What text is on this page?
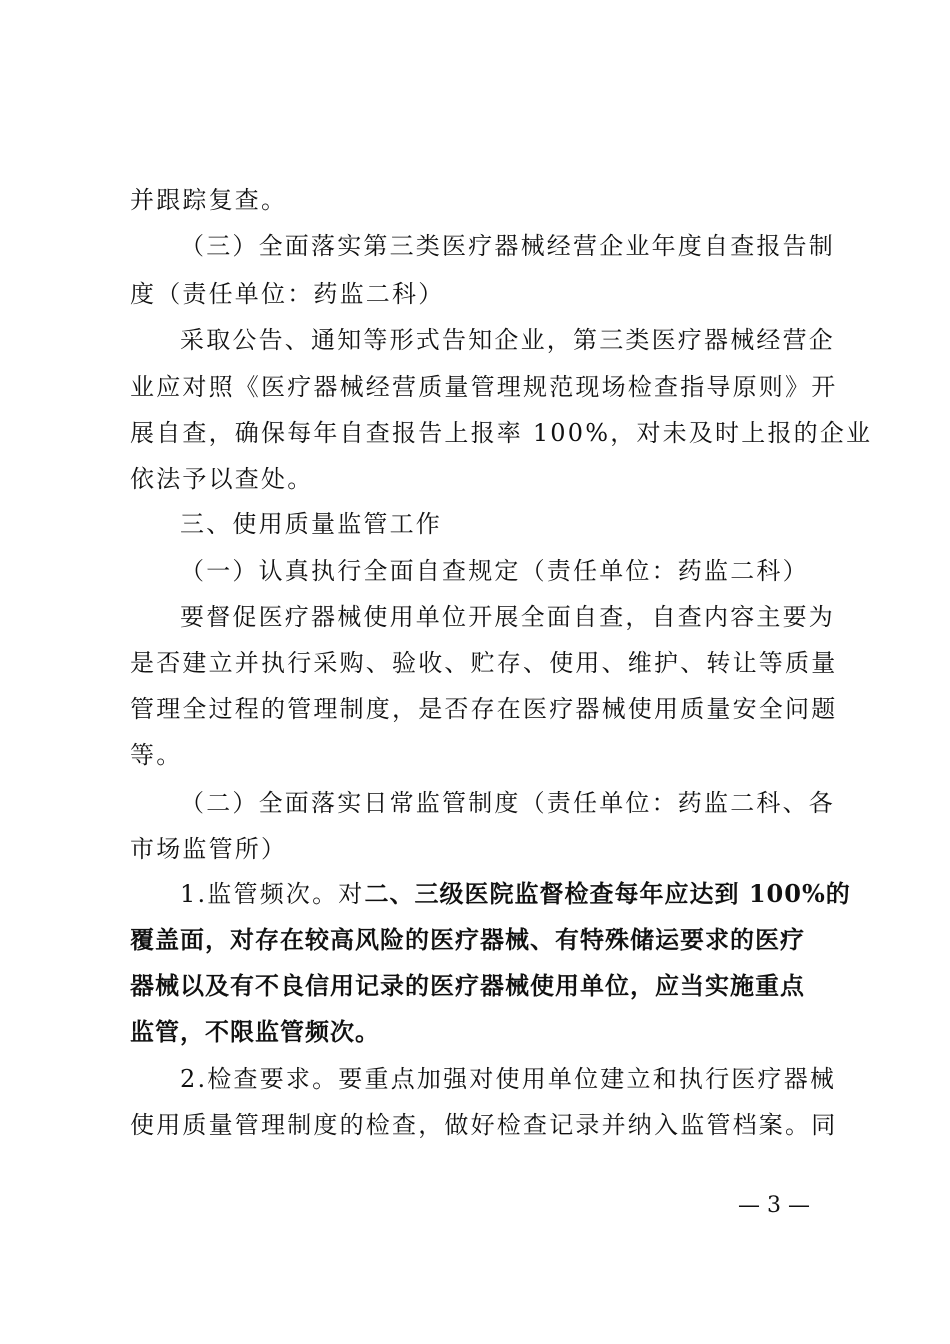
并跟踪复查。
（三）全面落实第三类医疗器械经营企业年度自查报告制
度（责任单位：药监二科）
采取公告、通知等形式告知企业，第三类医疗器械经营企
业应对照《医疗器械经营质量管理规范现场检查指导原则》开
展自查，确保每年自查报告上报率 100%，对未及时上报的企业
依法予以查处。
三、使用质量监管工作
（一）认真执行全面自查规定（责任单位：药监二科）
要督促医疗器械使用单位开展全面自查，自查内容主要为
是否建立并执行采购、验收、贮存、使用、维护、转让等质量
管理全过程的管理制度，是否存在医疗器械使用质量安全问题
等。
（二）全面落实日常监管制度（责任单位：药监二科、各
市场监管所）
1.监管频次。对二、三级医院监督检查每年应达到 100%的
覆盖面，对存在较高风险的医疗器械、有特殊储运要求的医疗
器械以及有不良信用记录的医疗器械使用单位，应当实施重点
监管，不限监管频次。
2.检查要求。要重点加强对使用单位建立和执行医疗器械
使用质量管理制度的检查，做好检查记录并纳入监管档案。同
— 3 —
